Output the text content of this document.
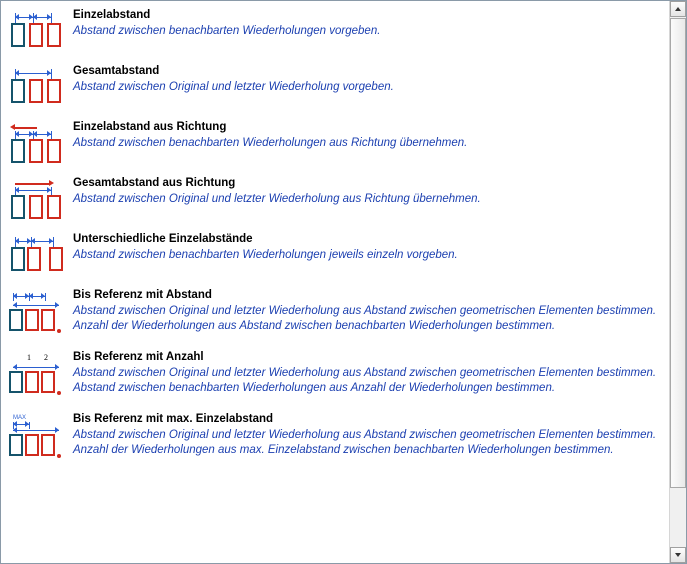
Einzelabstand
Abstand zwischen benachbarten Wiederholungen vorgeben.
Gesamtabstand
Abstand zwischen Original und letzter Wiederholung vorgeben.
Einzelabstand aus Richtung
Abstand zwischen benachbarten Wiederholungen aus Richtung übernehmen.
Gesamtabstand aus Richtung
Abstand zwischen Original und letzter Wiederholung aus Richtung übernehmen.
Unterschiedliche Einzelabstände
Abstand zwischen benachbarten Wiederholungen jeweils einzeln vorgeben.
Bis Referenz mit Abstand
Abstand zwischen Original und letzter Wiederholung aus Abstand zwischen geometrischen Elementen bestimmen.
Anzahl der Wiederholungen aus Abstand zwischen benachbarten Wiederholungen bestimmen.
1 2 Bis Referenz mit Anzahl
Abstand zwischen Original und letzter Wiederholung aus Abstand zwischen geometrischen Elementen bestimmen.
Abstand zwischen benachbarten Wiederholungen aus Anzahl der Wiederholungen bestimmen.
MAX	Bis Referenz mit max. Einzelabstand
Abstand zwischen Original und letzter Wiederholung aus Abstand zwischen geometrischen Elementen bestimmen.
Anzahl der Wiederholungen aus max. Einzelabstand zwischen benachbarten Wiederholungen bestimmen.
